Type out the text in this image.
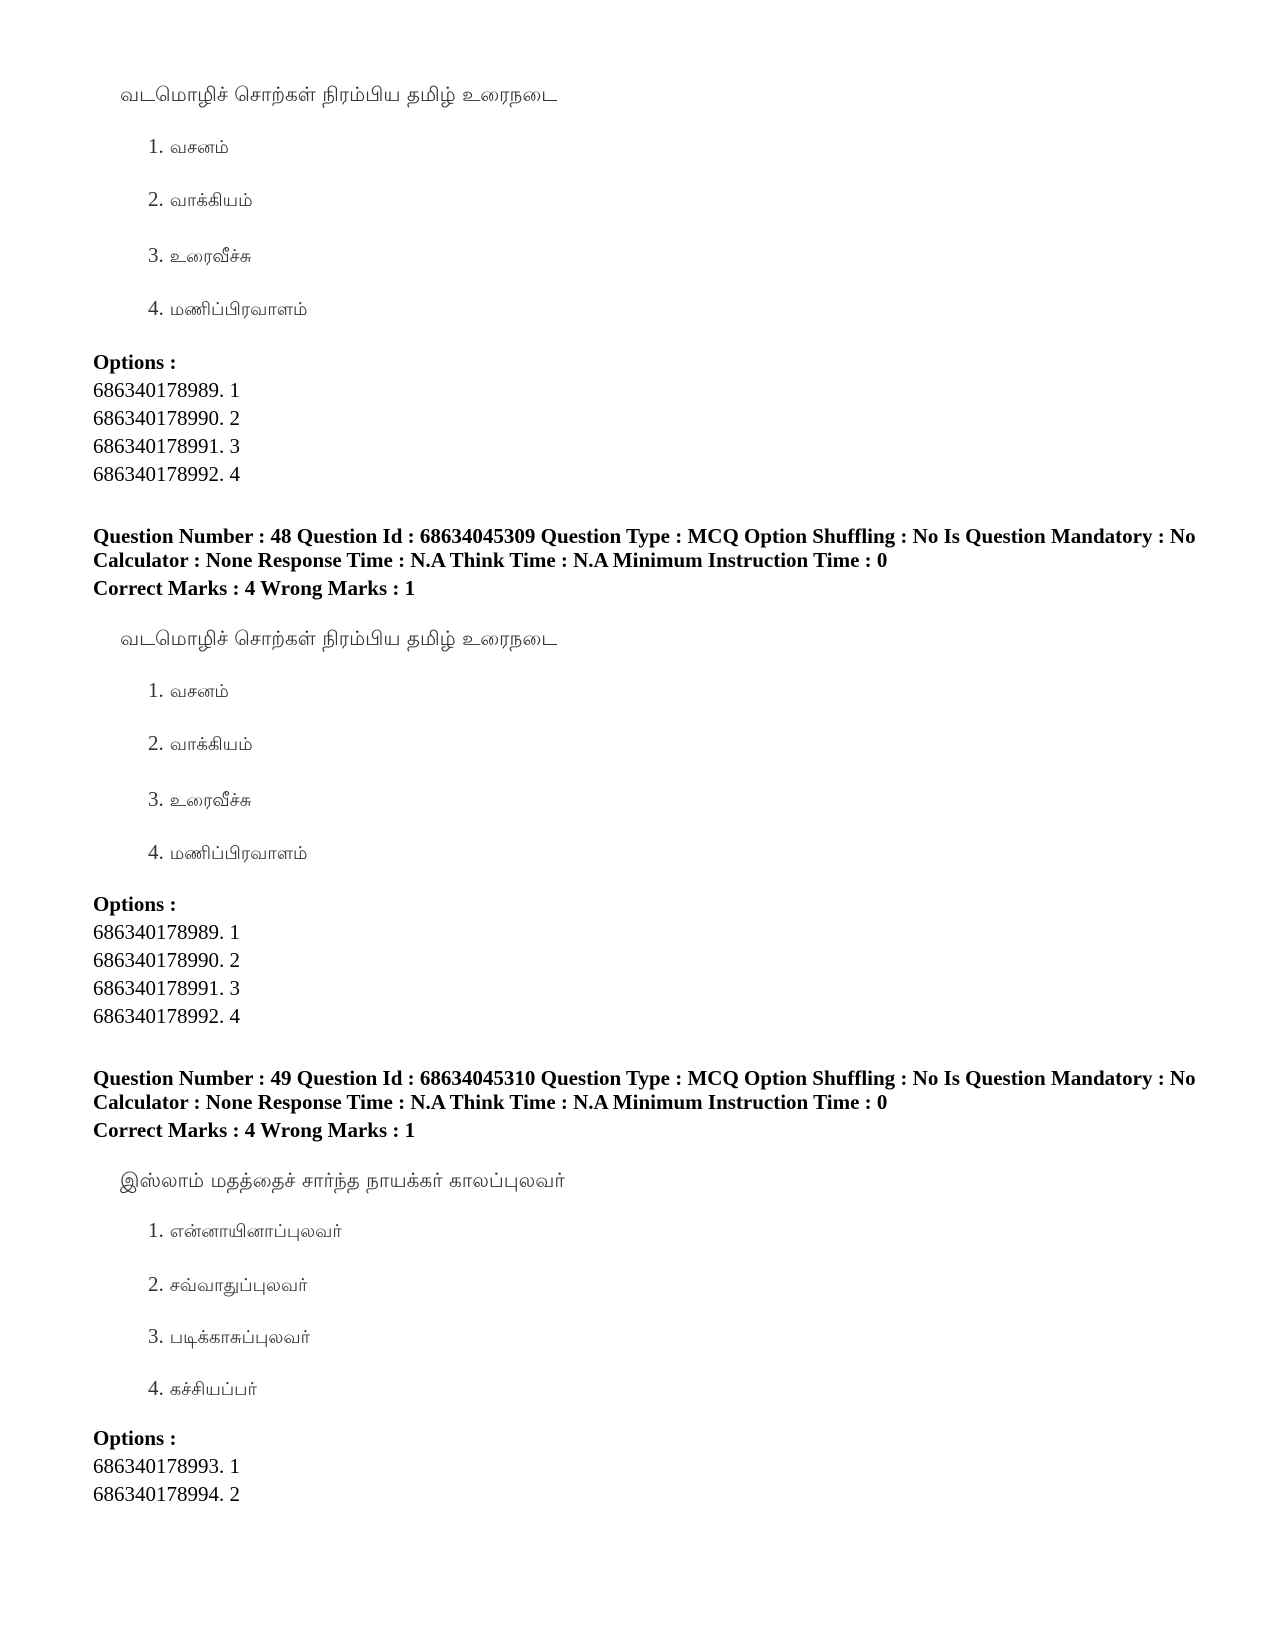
வடமொழிச் சொற்கள் நிரம்பிய தமிழ் உரைநடை
1. வசனம்
2. வாக்கியம்
3. உரைவீச்சு
4. மணிப்பிரவாளம்
Options :
686340178989. 1
686340178990. 2
686340178991. 3
686340178992. 4
Question Number : 48 Question Id : 68634045309 Question Type : MCQ Option Shuffling : No Is Question Mandatory : No Calculator : None Response Time : N.A Think Time : N.A Minimum Instruction Time : 0
Correct Marks : 4 Wrong Marks : 1
வடமொழிச் சொற்கள் நிரம்பிய தமிழ் உரைநடை
1. வசனம்
2. வாக்கியம்
3. உரைவீச்சு
4. மணிப்பிரவாளம்
Options :
686340178989. 1
686340178990. 2
686340178991. 3
686340178992. 4
Question Number : 49 Question Id : 68634045310 Question Type : MCQ Option Shuffling : No Is Question Mandatory : No Calculator : None Response Time : N.A Think Time : N.A Minimum Instruction Time : 0
Correct Marks : 4 Wrong Marks : 1
இஸ்லாம் மதத்தைச் சார்ந்த நாயக்கர் காலப்புலவர்
1. என்னாயினாப்புலவர்
2. சவ்வாதுப்புலவர்
3. படிக்காசுப்புலவர்
4. கச்சியப்பர்
Options :
686340178993. 1
686340178994. 2
